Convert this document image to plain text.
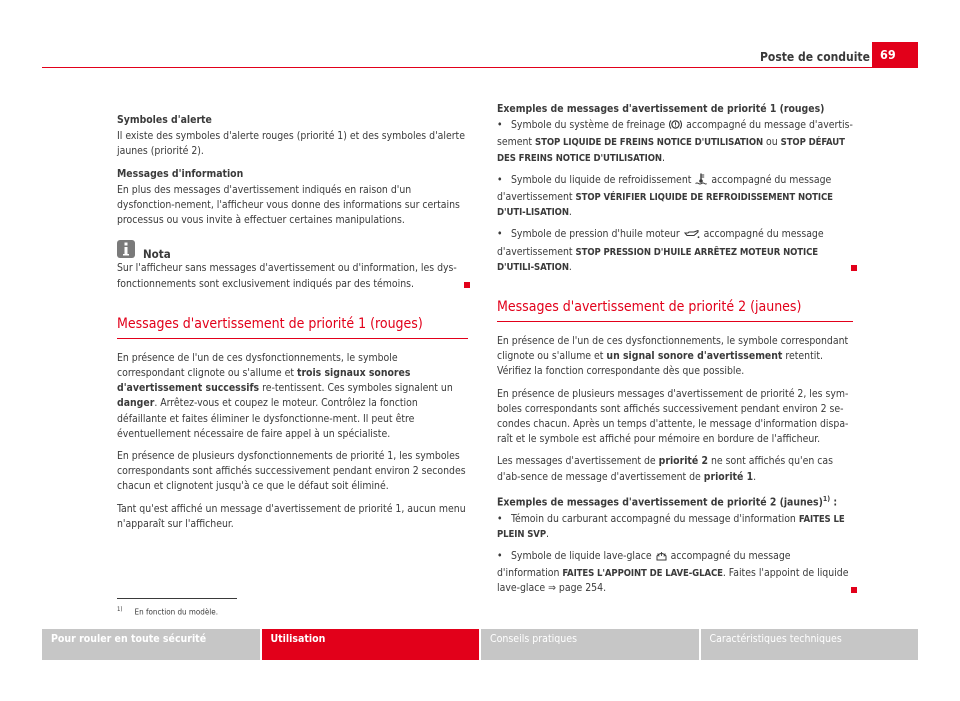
Poste de conduite 69

Symboles d'alerte

Il existe des symboles d'alerte rouges (priorité 1) et des symboles d'alerte jaunes (priorité 2).

Messages d'information

En plus des messages d'avertissement indiqués en raison d'un dysfonction-nement, l'afficheur vous donne des informations sur certains processus ou vous invite à effectuer certaines manipulations.

Nota

Sur l'afficheur sans messages d'avertissement ou d'information, les dys-fonctionnements sont exclusivement indiqués par des témoins.

Messages d'avertissement de priorité 1 (rouges)

En présence de l'un de ces dysfonctionnements, le symbole correspondant clignote ou s'allume et trois signaux sonores d'avertissement successifs re-tentissent. Ces symboles signalent un danger. Arrêtez-vous et coupez le moteur. Contrôlez la fonction défaillante et faites éliminer le dysfonctionne-ment. Il peut être éventuellement nécessaire de faire appel à un spécialiste.

En présence de plusieurs dysfonctionnements de priorité 1, les symboles correspondants sont affichés successivement pendant environ 2 secondes chacun et clignotent jusqu'à ce que le défaut soit éliminé.

Tant qu'est affiché un message d'avertissement de priorité 1, aucun menu n'apparaît sur l'afficheur.

Exemples de messages d'avertissement de priorité 1 (rouges)

• Symbole du système de freinage  accompagné du message d'avertis-sement STOP LIQUIDE DE FREINS NOTICE D'UTILISATION ou STOP DÉFAUT DES FREINS NOTICE D'UTILISATION.

• Symbole du liquide de refroidissement  accompagné du message d'avertissement STOP VÉRIFIER LIQUIDE DE REFROIDISSEMENT NOTICE D'UTI-LISATION.

• Symbole de pression d'huile moteur  accompagné du message d'avertissement STOP PRESSION D'HUILE ARRÊTEZ MOTEUR NOTICE D'UTILI-SATION.

Messages d'avertissement de priorité 2 (jaunes)

En présence de l'un de ces dysfonctionnements, le symbole correspondant clignote ou s'allume et un signal sonore d'avertissement retentit. Vérifiez la fonction correspondante dès que possible.

En présence de plusieurs messages d'avertissement de priorité 2, les sym-boles correspondants sont affichés successivement pendant environ 2 se-condes chacun. Après un temps d'attente, le message d'information dispa-raît et le symbole est affiché pour mémoire en bordure de l'afficheur.

Les messages d'avertissement de priorité 2 ne sont affichés qu'en cas d'ab-sence de message d'avertissement de priorité 1.

Exemples de messages d'avertissement de priorité 2 (jaunes)$^{1)}$ :

• Témoin du carburant accompagné du message d'information FAITES LE PLEIN SVP.

• Symbole de liquide lave-glace  accompagné du message d'information FAITES L'APPOINT DE LAVE-GLACE. Faites l'appoint de liquide lave-glace ⇒ page 254.

$^{1)}$ En fonction du modèle.
Pour rouler en toute sécurité	Utilisation	Conseils pratiques	Caractéristiques techniques
